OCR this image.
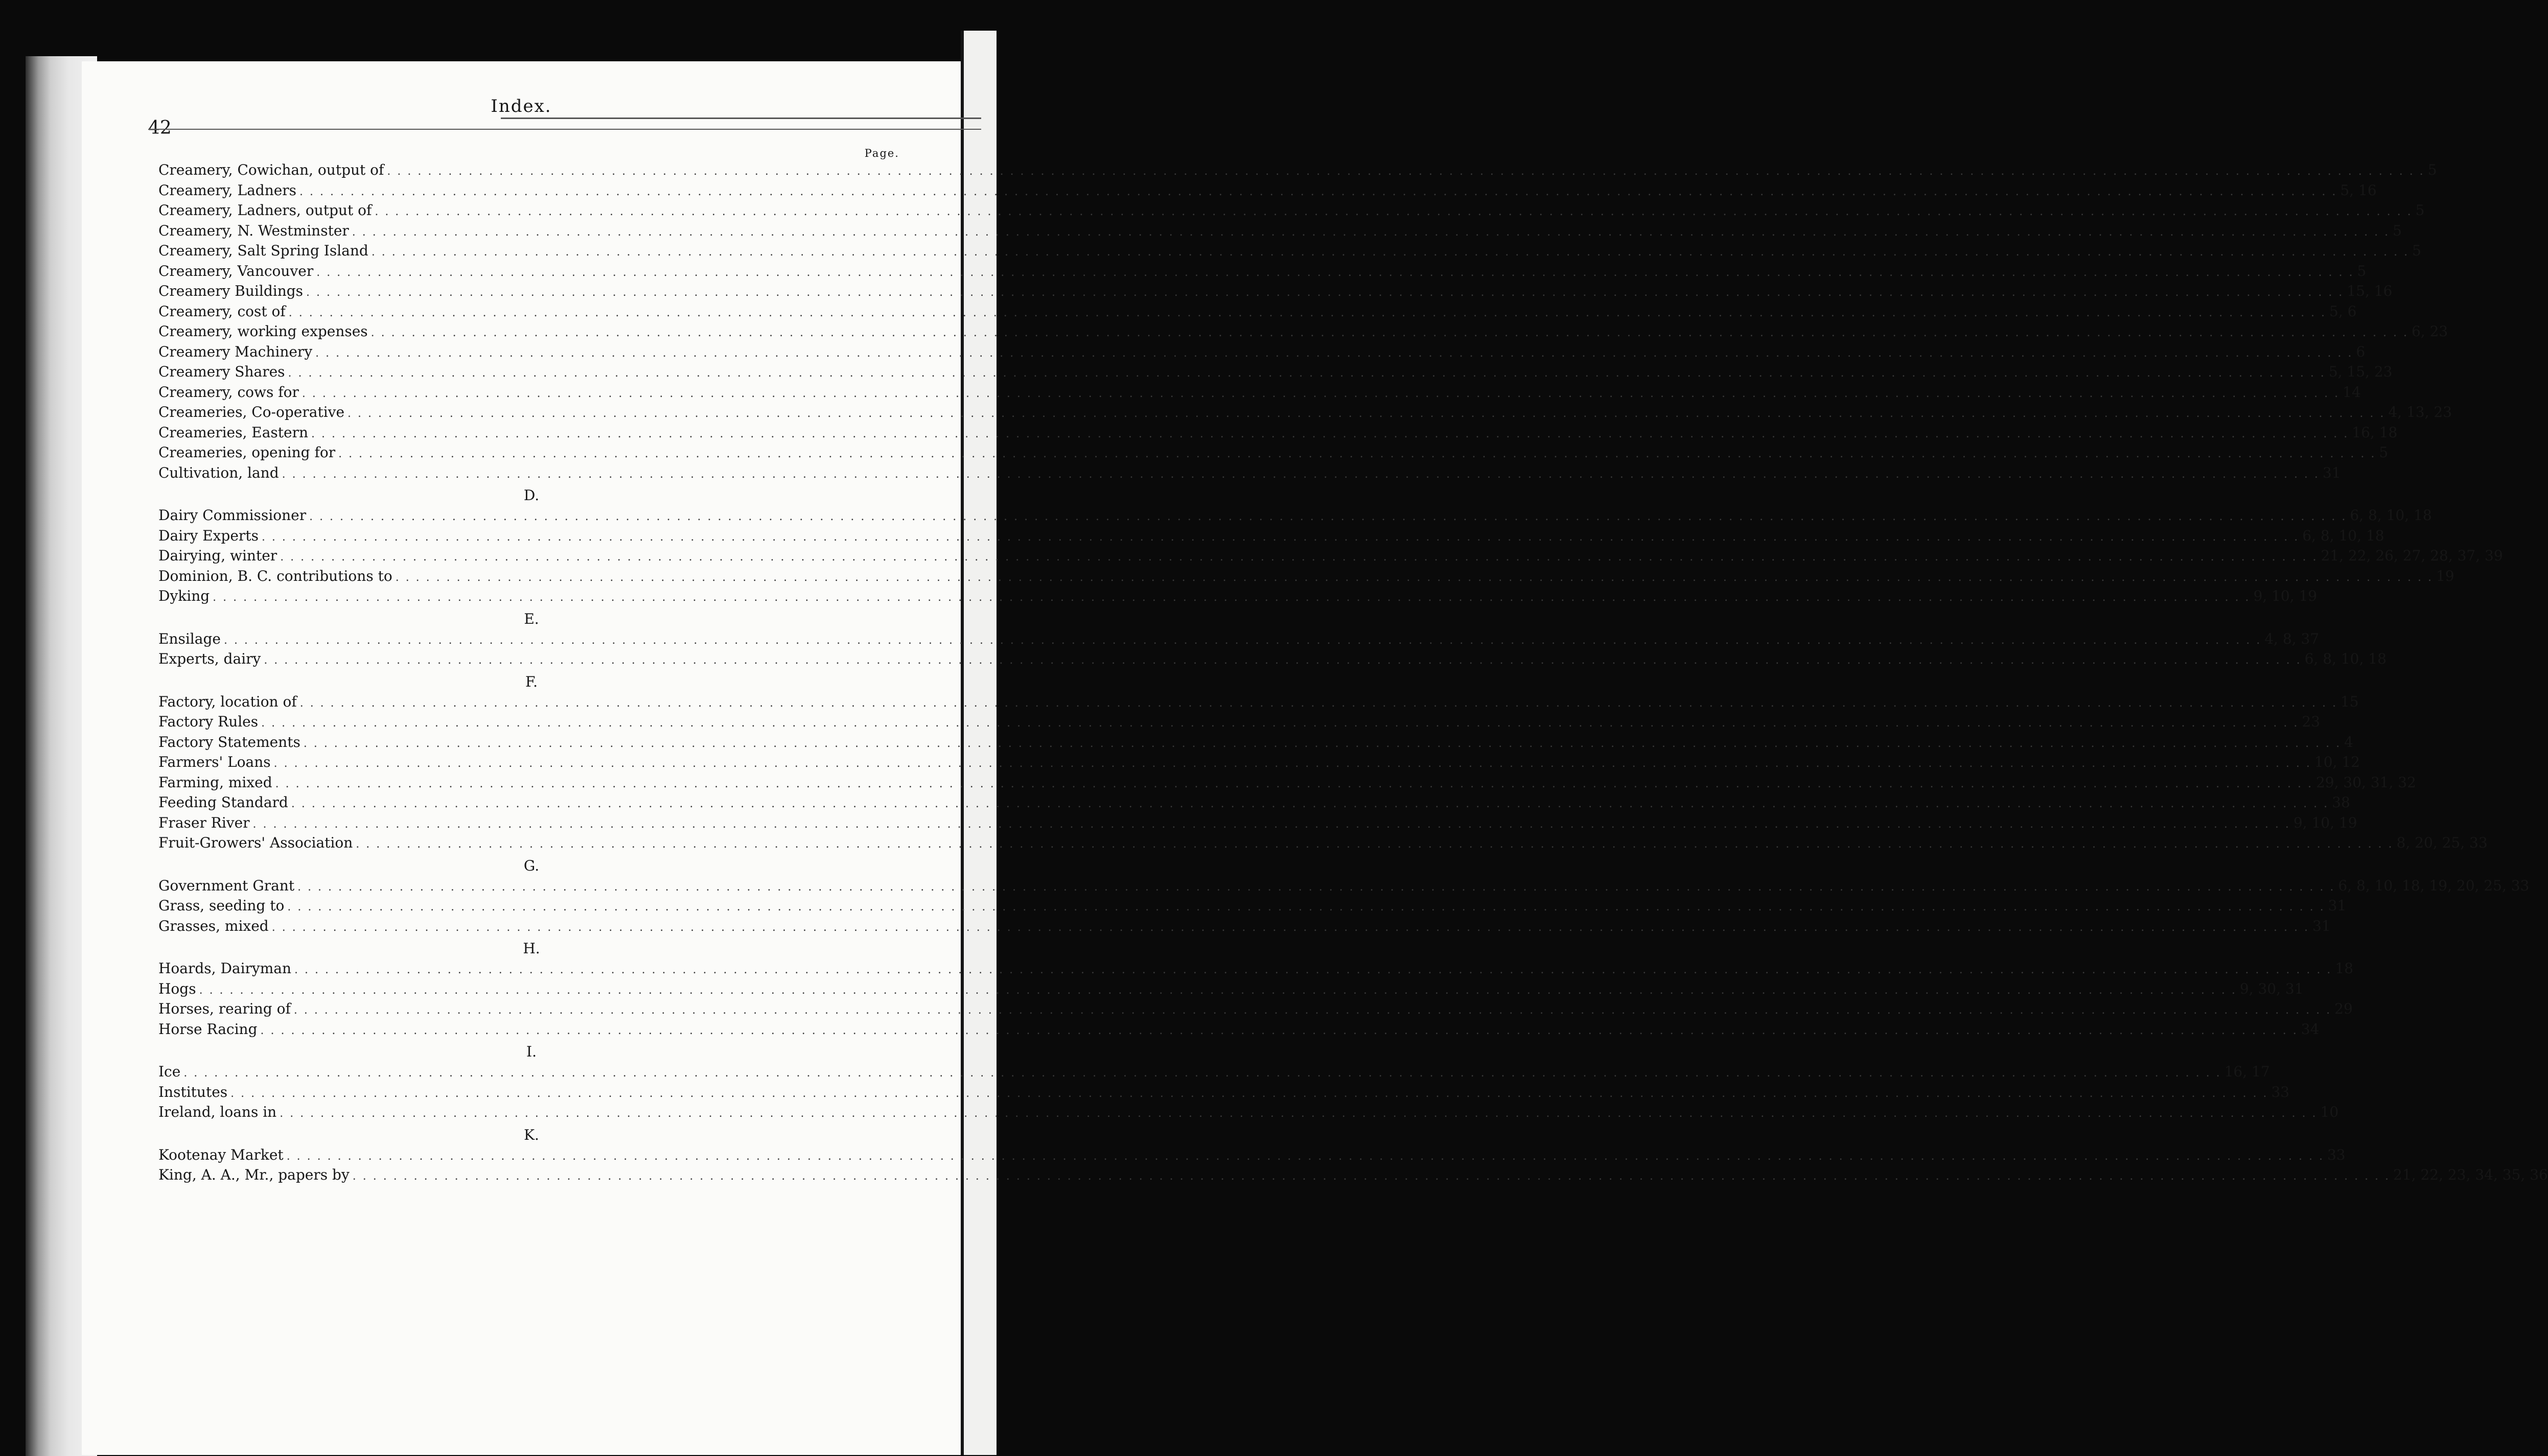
Index.
42
Page.
Creamery, Cowichan, output of . . . . . . . . . . . . . . . . . . . . . . . . . . . . . . . . . . . . . . . . . . . . . . . . . . . . . . . . . . . . . . . . . . . . . . . . . . . . . . . . . . . . . . . . . . . . . . . . . . . . . . . . . . . . . . . . . . . . . . . . . . . . . . . . . . . . . . . . . . . . . . . . . . . . . . . . . . . . . . . . . . . . . . . . . . . . . . . . . . . . . . . . . . . . . . . . . . . . . . . . 5
Creamery, Ladners . . . . . . . . . . . . . . . . . . . . . . . . . . . . . . . . . . . . . . . . . . . . . . . . . . . . . . . . . . . . . . . . . . . . . . . . . . . . . . . . . . . . . . . . . . . . . . . . . . . . . . . . . . . . . . . . . . . . . . . . . . . . . . . . . . . . . . . . . . . . . . . . . . . . . . . . . . . . . . . . . . . . . . . . . . . . . . . . . . . . . . . . . . . . . . . . . . . . . . . . 5, 16
Creamery, Ladners, output of . . . . . . . . . . . . . . . . . . . . . . . . . . . . . . . . . . . . . . . . . . . . . . . . . . . . . . . . . . . . . . . . . . . . . . . . . . . . . . . . . . . . . . . . . . . . . . . . . . . . . . . . . . . . . . . . . . . . . . . . . . . . . . . . . . . . . . . . . . . . . . . . . . . . . . . . . . . . . . . . . . . . . . . . . . . . . . . . . . . . . . . . . . . . . . . . . . . . . . . . 5
Creamery, N. Westminster . . . . . . . . . . . . . . . . . . . . . . . . . . . . . . . . . . . . . . . . . . . . . . . . . . . . . . . . . . . . . . . . . . . . . . . . . . . . . . . . . . . . . . . . . . . . . . . . . . . . . . . . . . . . . . . . . . . . . . . . . . . . . . . . . . . . . . . . . . . . . . . . . . . . . . . . . . . . . . . . . . . . . . . . . . . . . . . . . . . . . . . . . . . . . . . . . . . . . . . . 5
Creamery, Salt Spring Island . . . . . . . . . . . . . . . . . . . . . . . . . . . . . . . . . . . . . . . . . . . . . . . . . . . . . . . . . . . . . . . . . . . . . . . . . . . . . . . . . . . . . . . . . . . . . . . . . . . . . . . . . . . . . . . . . . . . . . . . . . . . . . . . . . . . . . . . . . . . . . . . . . . . . . . . . . . . . . . . . . . . . . . . . . . . . . . . . . . . . . . . . . . . . . . . . . . . . . . . 5
Creamery, Vancouver . . . . . . . . . . . . . . . . . . . . . . . . . . . . . . . . . . . . . . . . . . . . . . . . . . . . . . . . . . . . . . . . . . . . . . . . . . . . . . . . . . . . . . . . . . . . . . . . . . . . . . . . . . . . . . . . . . . . . . . . . . . . . . . . . . . . . . . . . . . . . . . . . . . . . . . . . . . . . . . . . . . . . . . . . . . . . . . . . . . . . . . . . . . . . . . . . . . . . . . . 5
Creamery Buildings . . . . . . . . . . . . . . . . . . . . . . . . . . . . . . . . . . . . . . . . . . . . . . . . . . . . . . . . . . . . . . . . . . . . . . . . . . . . . . . . . . . . . . . . . . . . . . . . . . . . . . . . . . . . . . . . . . . . . . . . . . . . . . . . . . . . . . . . . . . . . . . . . . . . . . . . . . . . . . . . . . . . . . . . . . . . . . . . . . . . . . . . . . . . . . . . . . . . . . . . 15, 16
Creamery, cost of . . . . . . . . . . . . . . . . . . . . . . . . . . . . . . . . . . . . . . . . . . . . . . . . . . . . . . . . . . . . . . . . . . . . . . . . . . . . . . . . . . . . . . . . . . . . . . . . . . . . . . . . . . . . . . . . . . . . . . . . . . . . . . . . . . . . . . . . . . . . . . . . . . . . . . . . . . . . . . . . . . . . . . . . . . . . . . . . . . . . . . . . . . . . . . . . . . . . . . . . 5, 6
Creamery, working expenses . . . . . . . . . . . . . . . . . . . . . . . . . . . . . . . . . . . . . . . . . . . . . . . . . . . . . . . . . . . . . . . . . . . . . . . . . . . . . . . . . . . . . . . . . . . . . . . . . . . . . . . . . . . . . . . . . . . . . . . . . . . . . . . . . . . . . . . . . . . . . . . . . . . . . . . . . . . . . . . . . . . . . . . . . . . . . . . . . . . . . . . . . . . . . . . . . . . . . . . . 6, 23
Creamery Machinery . . . . . . . . . . . . . . . . . . . . . . . . . . . . . . . . . . . . . . . . . . . . . . . . . . . . . . . . . . . . . . . . . . . . . . . . . . . . . . . . . . . . . . . . . . . . . . . . . . . . . . . . . . . . . . . . . . . . . . . . . . . . . . . . . . . . . . . . . . . . . . . . . . . . . . . . . . . . . . . . . . . . . . . . . . . . . . . . . . . . . . . . . . . . . . . . . . . . . . . . 6
Creamery Shares . . . . . . . . . . . . . . . . . . . . . . . . . . . . . . . . . . . . . . . . . . . . . . . . . . . . . . . . . . . . . . . . . . . . . . . . . . . . . . . . . . . . . . . . . . . . . . . . . . . . . . . . . . . . . . . . . . . . . . . . . . . . . . . . . . . . . . . . . . . . . . . . . . . . . . . . . . . . . . . . . . . . . . . . . . . . . . . . . . . . . . . . . . . . . . . . . . . . . . . . 5, 15, 23
Creamery, cows for . . . . . . . . . . . . . . . . . . . . . . . . . . . . . . . . . . . . . . . . . . . . . . . . . . . . . . . . . . . . . . . . . . . . . . . . . . . . . . . . . . . . . . . . . . . . . . . . . . . . . . . . . . . . . . . . . . . . . . . . . . . . . . . . . . . . . . . . . . . . . . . . . . . . . . . . . . . . . . . . . . . . . . . . . . . . . . . . . . . . . . . . . . . . . . . . . . . . . . . . 14
Creameries, Co-operative . . . . . . . . . . . . . . . . . . . . . . . . . . . . . . . . . . . . . . . . . . . . . . . . . . . . . . . . . . . . . . . . . . . . . . . . . . . . . . . . . . . . . . . . . . . . . . . . . . . . . . . . . . . . . . . . . . . . . . . . . . . . . . . . . . . . . . . . . . . . . . . . . . . . . . . . . . . . . . . . . . . . . . . . . . . . . . . . . . . . . . . . . . . . . . . . . . . . . . . . 4, 13, 23
Creameries, Eastern . . . . . . . . . . . . . . . . . . . . . . . . . . . . . . . . . . . . . . . . . . . . . . . . . . . . . . . . . . . . . . . . . . . . . . . . . . . . . . . . . . . . . . . . . . . . . . . . . . . . . . . . . . . . . . . . . . . . . . . . . . . . . . . . . . . . . . . . . . . . . . . . . . . . . . . . . . . . . . . . . . . . . . . . . . . . . . . . . . . . . . . . . . . . . . . . . . . . . . . . 16, 18
Creameries, opening for . . . . . . . . . . . . . . . . . . . . . . . . . . . . . . . . . . . . . . . . . . . . . . . . . . . . . . . . . . . . . . . . . . . . . . . . . . . . . . . . . . . . . . . . . . . . . . . . . . . . . . . . . . . . . . . . . . . . . . . . . . . . . . . . . . . . . . . . . . . . . . . . . . . . . . . . . . . . . . . . . . . . . . . . . . . . . . . . . . . . . . . . . . . . . . . . . . . . . . . . 5
Cultivation, land . . . . . . . . . . . . . . . . . . . . . . . . . . . . . . . . . . . . . . . . . . . . . . . . . . . . . . . . . . . . . . . . . . . . . . . . . . . . . . . . . . . . . . . . . . . . . . . . . . . . . . . . . . . . . . . . . . . . . . . . . . . . . . . . . . . . . . . . . . . . . . . . . . . . . . . . . . . . . . . . . . . . . . . . . . . . . . . . . . . . . . . . . . . . . . . . . . . . . . . . 31
D.
Dairy Commissioner . . . . . . . . . . . . . . . . . . . . . . . . . . . . . . . . . . . . . . . . . . . . . . . . . . . . . . . . . . . . . . . . . . . . . . . . . . . . . . . . . . . . . . . . . . . . . . . . . . . . . . . . . . . . . . . . . . . . . . . . . . . . . . . . . . . . . . . . . . . . . . . . . . . . . . . . . . . . . . . . . . . . . . . . . . . . . . . . . . . . . . . . . . . . . . . . . . . . . . . . 6, 8, 10, 18
Dairy Experts . . . . . . . . . . . . . . . . . . . . . . . . . . . . . . . . . . . . . . . . . . . . . . . . . . . . . . . . . . . . . . . . . . . . . . . . . . . . . . . . . . . . . . . . . . . . . . . . . . . . . . . . . . . . . . . . . . . . . . . . . . . . . . . . . . . . . . . . . . . . . . . . . . . . . . . . . . . . . . . . . . . . . . . . . . . . . . . . . . . . . . . . . . . . . . . . . . . . . . . . 6, 8, 10, 18
Dairying, winter . . . . . . . . . . . . . . . . . . . . . . . . . . . . . . . . . . . . . . . . . . . . . . . . . . . . . . . . . . . . . . . . . . . . . . . . . . . . . . . . . . . . . . . . . . . . . . . . . . . . . . . . . . . . . . . . . . . . . . . . . . . . . . . . . . . . . . . . . . . . . . . . . . . . . . . . . . . . . . . . . . . . . . . . . . . . . . . . . . . . . . . . . . . . . . . . . . . . . . . . 21, 22, 26, 27, 28, 37, 39
Dominion, B. C. contributions to . . . . . . . . . . . . . . . . . . . . . . . . . . . . . . . . . . . . . . . . . . . . . . . . . . . . . . . . . . . . . . . . . . . . . . . . . . . . . . . . . . . . . . . . . . . . . . . . . . . . . . . . . . . . . . . . . . . . . . . . . . . . . . . . . . . . . . . . . . . . . . . . . . . . . . . . . . . . . . . . . . . . . . . . . . . . . . . . . . . . . . . . . . . . . . . . . . . . . . . . 19
Dyking . . . . . . . . . . . . . . . . . . . . . . . . . . . . . . . . . . . . . . . . . . . . . . . . . . . . . . . . . . . . . . . . . . . . . . . . . . . . . . . . . . . . . . . . . . . . . . . . . . . . . . . . . . . . . . . . . . . . . . . . . . . . . . . . . . . . . . . . . . . . . . . . . . . . . . . . . . . . . . . . . . . . . . . . . . . . . . . . . . . . . . . . . . . . . . . . . . . . . . . . 9, 10, 19
E.
Ensilage . . . . . . . . . . . . . . . . . . . . . . . . . . . . . . . . . . . . . . . . . . . . . . . . . . . . . . . . . . . . . . . . . . . . . . . . . . . . . . . . . . . . . . . . . . . . . . . . . . . . . . . . . . . . . . . . . . . . . . . . . . . . . . . . . . . . . . . . . . . . . . . . . . . . . . . . . . . . . . . . . . . . . . . . . . . . . . . . . . . . . . . . . . . . . . . . . . . . . . . . 4, 8, 37
Experts, dairy . . . . . . . . . . . . . . . . . . . . . . . . . . . . . . . . . . . . . . . . . . . . . . . . . . . . . . . . . . . . . . . . . . . . . . . . . . . . . . . . . . . . . . . . . . . . . . . . . . . . . . . . . . . . . . . . . . . . . . . . . . . . . . . . . . . . . . . . . . . . . . . . . . . . . . . . . . . . . . . . . . . . . . . . . . . . . . . . . . . . . . . . . . . . . . . . . . . . . . . . 6, 8, 10, 18
F.
Factory, location of . . . . . . . . . . . . . . . . . . . . . . . . . . . . . . . . . . . . . . . . . . . . . . . . . . . . . . . . . . . . . . . . . . . . . . . . . . . . . . . . . . . . . . . . . . . . . . . . . . . . . . . . . . . . . . . . . . . . . . . . . . . . . . . . . . . . . . . . . . . . . . . . . . . . . . . . . . . . . . . . . . . . . . . . . . . . . . . . . . . . . . . . . . . . . . . . . . . . . . . . 15
Factory Rules . . . . . . . . . . . . . . . . . . . . . . . . . . . . . . . . . . . . . . . . . . . . . . . . . . . . . . . . . . . . . . . . . . . . . . . . . . . . . . . . . . . . . . . . . . . . . . . . . . . . . . . . . . . . . . . . . . . . . . . . . . . . . . . . . . . . . . . . . . . . . . . . . . . . . . . . . . . . . . . . . . . . . . . . . . . . . . . . . . . . . . . . . . . . . . . . . . . . . . . . 23
Factory Statements . . . . . . . . . . . . . . . . . . . . . . . . . . . . . . . . . . . . . . . . . . . . . . . . . . . . . . . . . . . . . . . . . . . . . . . . . . . . . . . . . . . . . . . . . . . . . . . . . . . . . . . . . . . . . . . . . . . . . . . . . . . . . . . . . . . . . . . . . . . . . . . . . . . . . . . . . . . . . . . . . . . . . . . . . . . . . . . . . . . . . . . . . . . . . . . . . . . . . . . . 4
Farmers' Loans . . . . . . . . . . . . . . . . . . . . . . . . . . . . . . . . . . . . . . . . . . . . . . . . . . . . . . . . . . . . . . . . . . . . . . . . . . . . . . . . . . . . . . . . . . . . . . . . . . . . . . . . . . . . . . . . . . . . . . . . . . . . . . . . . . . . . . . . . . . . . . . . . . . . . . . . . . . . . . . . . . . . . . . . . . . . . . . . . . . . . . . . . . . . . . . . . . . . . . . . 10, 12
Farming, mixed . . . . . . . . . . . . . . . . . . . . . . . . . . . . . . . . . . . . . . . . . . . . . . . . . . . . . . . . . . . . . . . . . . . . . . . . . . . . . . . . . . . . . . . . . . . . . . . . . . . . . . . . . . . . . . . . . . . . . . . . . . . . . . . . . . . . . . . . . . . . . . . . . . . . . . . . . . . . . . . . . . . . . . . . . . . . . . . . . . . . . . . . . . . . . . . . . . . . . . . . 29, 30, 31, 32
Feeding Standard . . . . . . . . . . . . . . . . . . . . . . . . . . . . . . . . . . . . . . . . . . . . . . . . . . . . . . . . . . . . . . . . . . . . . . . . . . . . . . . . . . . . . . . . . . . . . . . . . . . . . . . . . . . . . . . . . . . . . . . . . . . . . . . . . . . . . . . . . . . . . . . . . . . . . . . . . . . . . . . . . . . . . . . . . . . . . . . . . . . . . . . . . . . . . . . . . . . . . . . . 38
Fraser River . . . . . . . . . . . . . . . . . . . . . . . . . . . . . . . . . . . . . . . . . . . . . . . . . . . . . . . . . . . . . . . . . . . . . . . . . . . . . . . . . . . . . . . . . . . . . . . . . . . . . . . . . . . . . . . . . . . . . . . . . . . . . . . . . . . . . . . . . . . . . . . . . . . . . . . . . . . . . . . . . . . . . . . . . . . . . . . . . . . . . . . . . . . . . . . . . . . . . . . . 9, 10, 19
Fruit-Growers' Association . . . . . . . . . . . . . . . . . . . . . . . . . . . . . . . . . . . . . . . . . . . . . . . . . . . . . . . . . . . . . . . . . . . . . . . . . . . . . . . . . . . . . . . . . . . . . . . . . . . . . . . . . . . . . . . . . . . . . . . . . . . . . . . . . . . . . . . . . . . . . . . . . . . . . . . . . . . . . . . . . . . . . . . . . . . . . . . . . . . . . . . . . . . . . . . . . . . . . . . . 8, 20, 25, 33
G.
Government Grant . . . . . . . . . . . . . . . . . . . . . . . . . . . . . . . . . . . . . . . . . . . . . . . . . . . . . . . . . . . . . . . . . . . . . . . . . . . . . . . . . . . . . . . . . . . . . . . . . . . . . . . . . . . . . . . . . . . . . . . . . . . . . . . . . . . . . . . . . . . . . . . . . . . . . . . . . . . . . . . . . . . . . . . . . . . . . . . . . . . . . . . . . . . . . . . . . . . . . . . . 6, 8, 10, 18, 19, 20, 25, 33
Grass, seeding to . . . . . . . . . . . . . . . . . . . . . . . . . . . . . . . . . . . . . . . . . . . . . . . . . . . . . . . . . . . . . . . . . . . . . . . . . . . . . . . . . . . . . . . . . . . . . . . . . . . . . . . . . . . . . . . . . . . . . . . . . . . . . . . . . . . . . . . . . . . . . . . . . . . . . . . . . . . . . . . . . . . . . . . . . . . . . . . . . . . . . . . . . . . . . . . . . . . . . . . . 31
Grasses, mixed . . . . . . . . . . . . . . . . . . . . . . . . . . . . . . . . . . . . . . . . . . . . . . . . . . . . . . . . . . . . . . . . . . . . . . . . . . . . . . . . . . . . . . . . . . . . . . . . . . . . . . . . . . . . . . . . . . . . . . . . . . . . . . . . . . . . . . . . . . . . . . . . . . . . . . . . . . . . . . . . . . . . . . . . . . . . . . . . . . . . . . . . . . . . . . . . . . . . . . . . 31
H.
Hoards, Dairyman . . . . . . . . . . . . . . . . . . . . . . . . . . . . . . . . . . . . . . . . . . . . . . . . . . . . . . . . . . . . . . . . . . . . . . . . . . . . . . . . . . . . . . . . . . . . . . . . . . . . . . . . . . . . . . . . . . . . . . . . . . . . . . . . . . . . . . . . . . . . . . . . . . . . . . . . . . . . . . . . . . . . . . . . . . . . . . . . . . . . . . . . . . . . . . . . . . . . . . . . 18
Hogs . . . . . . . . . . . . . . . . . . . . . . . . . . . . . . . . . . . . . . . . . . . . . . . . . . . . . . . . . . . . . . . . . . . . . . . . . . . . . . . . . . . . . . . . . . . . . . . . . . . . . . . . . . . . . . . . . . . . . . . . . . . . . . . . . . . . . . . . . . . . . . . . . . . . . . . . . . . . . . . . . . . . . . . . . . . . . . . . . . . . . . . . . . . . . . . . . . . . . . . . 9, 30, 31
Horses, rearing of . . . . . . . . . . . . . . . . . . . . . . . . . . . . . . . . . . . . . . . . . . . . . . . . . . . . . . . . . . . . . . . . . . . . . . . . . . . . . . . . . . . . . . . . . . . . . . . . . . . . . . . . . . . . . . . . . . . . . . . . . . . . . . . . . . . . . . . . . . . . . . . . . . . . . . . . . . . . . . . . . . . . . . . . . . . . . . . . . . . . . . . . . . . . . . . . . . . . . . . . 29
Horse Racing . . . . . . . . . . . . . . . . . . . . . . . . . . . . . . . . . . . . . . . . . . . . . . . . . . . . . . . . . . . . . . . . . . . . . . . . . . . . . . . . . . . . . . . . . . . . . . . . . . . . . . . . . . . . . . . . . . . . . . . . . . . . . . . . . . . . . . . . . . . . . . . . . . . . . . . . . . . . . . . . . . . . . . . . . . . . . . . . . . . . . . . . . . . . . . . . . . . . . . . . 34
I.
Ice . . . . . . . . . . . . . . . . . . . . . . . . . . . . . . . . . . . . . . . . . . . . . . . . . . . . . . . . . . . . . . . . . . . . . . . . . . . . . . . . . . . . . . . . . . . . . . . . . . . . . . . . . . . . . . . . . . . . . . . . . . . . . . . . . . . . . . . . . . . . . . . . . . . . . . . . . . . . . . . . . . . . . . . . . . . . . . . . . . . . . . . . . . . . . . . . . . . . . . . . 16, 17
Institutes . . . . . . . . . . . . . . . . . . . . . . . . . . . . . . . . . . . . . . . . . . . . . . . . . . . . . . . . . . . . . . . . . . . . . . . . . . . . . . . . . . . . . . . . . . . . . . . . . . . . . . . . . . . . . . . . . . . . . . . . . . . . . . . . . . . . . . . . . . . . . . . . . . . . . . . . . . . . . . . . . . . . . . . . . . . . . . . . . . . . . . . . . . . . . . . . . . . . . . . . 33
Ireland, loans in . . . . . . . . . . . . . . . . . . . . . . . . . . . . . . . . . . . . . . . . . . . . . . . . . . . . . . . . . . . . . . . . . . . . . . . . . . . . . . . . . . . . . . . . . . . . . . . . . . . . . . . . . . . . . . . . . . . . . . . . . . . . . . . . . . . . . . . . . . . . . . . . . . . . . . . . . . . . . . . . . . . . . . . . . . . . . . . . . . . . . . . . . . . . . . . . . . . . . . . . 10
K.
Kootenay Market . . . . . . . . . . . . . . . . . . . . . . . . . . . . . . . . . . . . . . . . . . . . . . . . . . . . . . . . . . . . . . . . . . . . . . . . . . . . . . . . . . . . . . . . . . . . . . . . . . . . . . . . . . . . . . . . . . . . . . . . . . . . . . . . . . . . . . . . . . . . . . . . . . . . . . . . . . . . . . . . . . . . . . . . . . . . . . . . . . . . . . . . . . . . . . . . . . . . . . . . 33
King, A. A., Mr., papers by . . . . . . . . . . . . . . . . . . . . . . . . . . . . . . . . . . . . . . . . . . . . . . . . . . . . . . . . . . . . . . . . . . . . . . . . . . . . . . . . . . . . . . . . . . . . . . . . . . . . . . . . . . . . . . . . . . . . . . . . . . . . . . . . . . . . . . . . . . . . . . . . . . . . . . . . . . . . . . . . . . . . . . . . . . . . . . . . . . . . . . . . . . . . . . . . . . . . . . . . 21, 22, 23, 34, 35, 36
